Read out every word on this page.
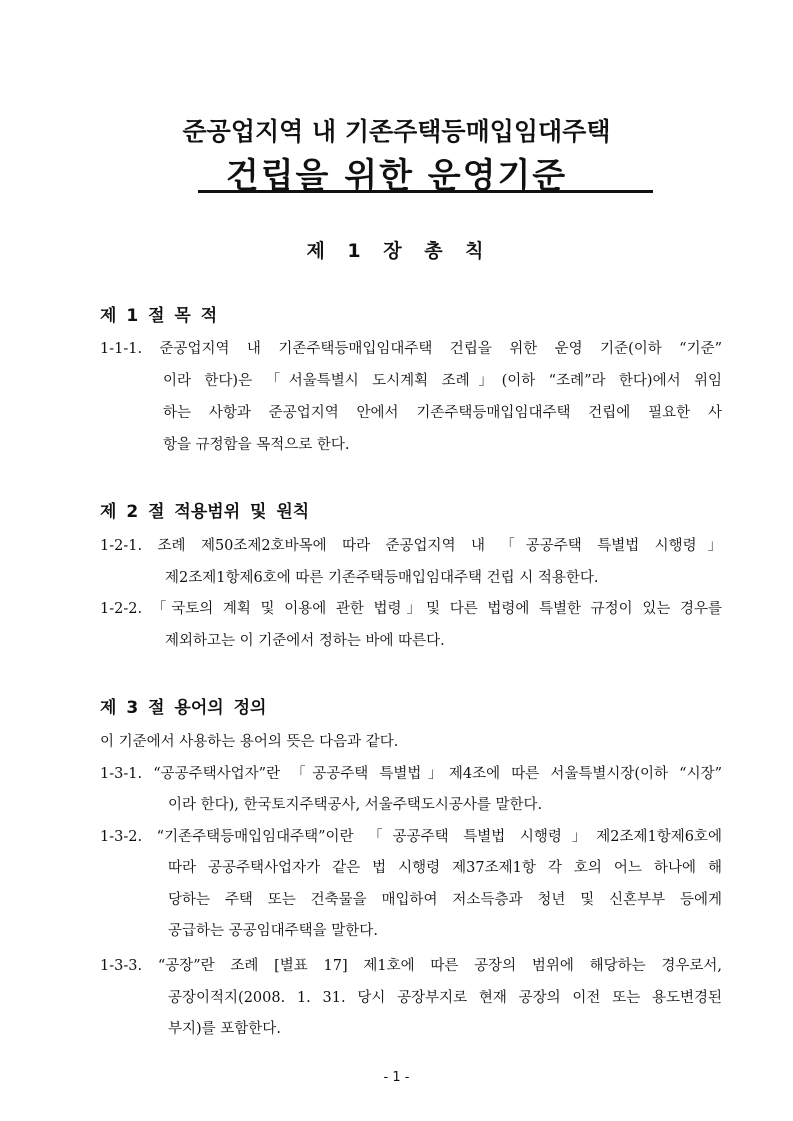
준공업지역 내 기존주택등매입임대주택
건립을 위한 운영기준
제 1 장 총 칙
제 1 절 목 적
1-1-1. 준공업지역 내 기존주택등매입임대주택 건립을 위한 운영 기준(이하 “기준”
이라 한다)은 「서울특별시 도시계획 조례」(이하 “조례”라 한다)에서 위임
하는 사항과 준공업지역 안에서 기존주택등매입임대주택 건립에 필요한 사
항을 규정함을 목적으로 한다.
제 2 절 적용범위 및 원칙
1-2-1. 조례 제50조제2호바목에 따라 준공업지역 내 「공공주택 특별법 시행령」
제2조제1항제6호에 따른 기존주택등매입임대주택 건립 시 적용한다.
1-2-2. 「국토의 계획 및 이용에 관한 법령」및 다른 법령에 특별한 규정이 있는 경우를
제외하고는 이 기준에서 정하는 바에 따른다.
제 3 절 용어의 정의
이 기준에서 사용하는 용어의 뜻은 다음과 같다.
1-3-1. “공공주택사업자”란 「공공주택 특별법」제4조에 따른 서울특별시장(이하 “시장”
이라 한다), 한국토지주택공사, 서울주택도시공사를 말한다.
1-3-2. “기존주택등매입임대주택”이란 「공공주택 특별법 시행령」제2조제1항제6호에
따라 공공주택사업자가 같은 법 시행령 제37조제1항 각 호의 어느 하나에 해
당하는 주택 또는 건축물을 매입하여 저소득층과 청년 및 신혼부부 등에게
공급하는 공공임대주택을 말한다.
1-3-3. “공장”란 조례 [별표 17] 제1호에 따른 공장의 범위에 해당하는 경우로서,
공장이적지(2008. 1. 31. 당시 공장부지로 현재 공장의 이전 또는 용도변경된
부지)를 포함한다.
- 1 -
